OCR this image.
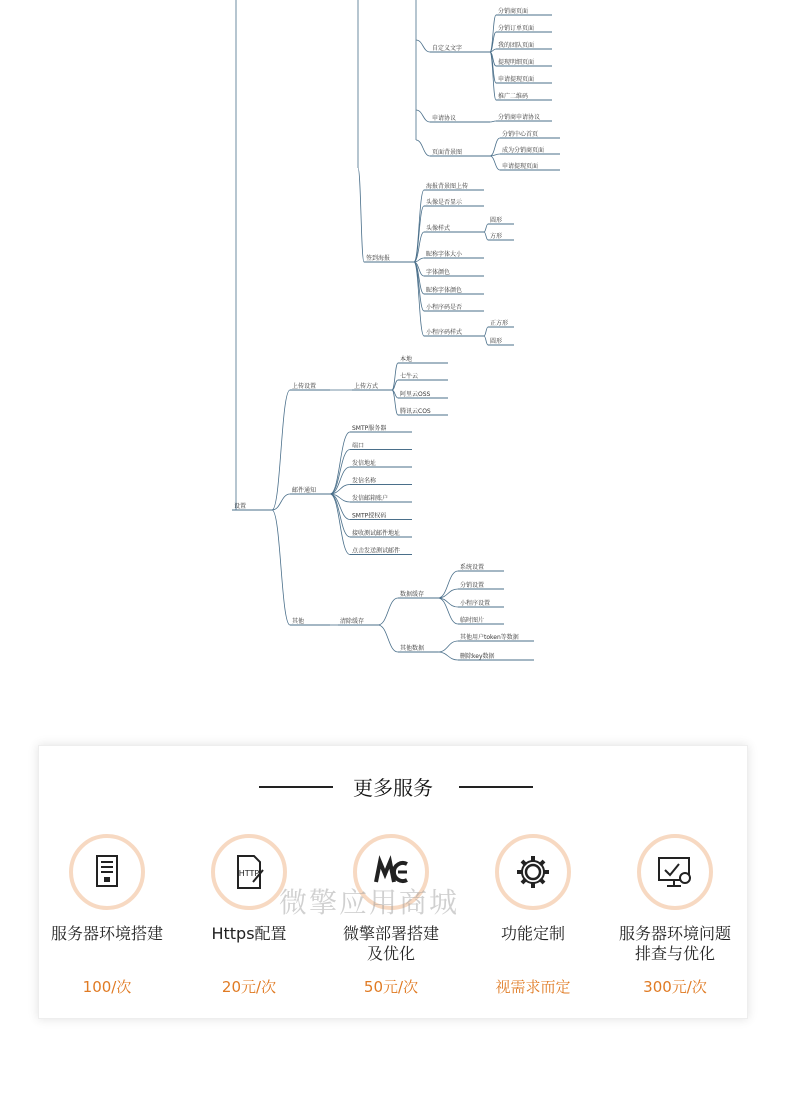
设置
自定义文字
分销商页面
分销订单页面
我的团队页面
提现明细页面
申请提现页面
推广二维码
申请协议	分销商申请协议
页面背景图
分销中心首页
成为分销商页面
申请提现页面
签到海报
海报背景图上传
头像是否显示
头像样式
圆形
方形
昵称字体大小
字体颜色
昵称字体颜色
小程序码是否
小程序码样式
正方形
圆形
上传设置	上传方式
本地
七牛云
阿里云OSS
腾讯云COS
邮件通知
SMTP服务器
端口
发信地址
发信名称
发信邮箱账户
SMTP授权码
接收测试邮件地址
点击发送测试邮件
其他	清除缓存
数据缓存
系统设置
分销设置
小程序设置
临时图片
其他数据
其他用户token等数据
删除key数据
更多服务
服务器环境搭建
100/次
HTTP
Https配置
20元/次
微擎部署搭建
及优化
50元/次
功能定制
视需求而定
服务器环境问题
排查与优化
300元/次
微擎应用商城
